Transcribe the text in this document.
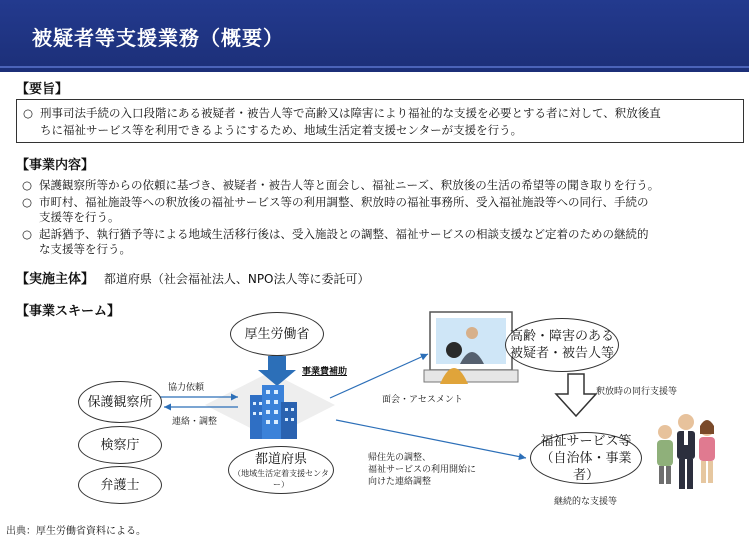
被疑者等支援業務（概要）
【要旨】
○ 刑事司法手続の入口段階にある被疑者・被告人等で高齢又は障害により福祉的な支援を必要とする者に対して、釈放後直
ちに福祉サービス等を利用できるようにするため、地域生活定着支援センターが支援を行う。
【事業内容】
○ 保護観察所等からの依頼に基づき、被疑者・被告人等と面会し、福祉ニーズ、釈放後の生活の希望等の聞き取りを行う。
○ 市町村、福祉施設等への釈放後の福祉サービス等の利用調整、釈放時の福祉事務所、受入福祉施設等への同行、手続の
支援等を行う。
○ 起訴猶予、執行猶予等による地域生活移行後は、受入施設との調整、福祉サービスの相談支援など定着のための継続的
な支援等を行う。
【実施主体】 都道府県（社会福祉法人、NPO法人等に委託可）
【事業スキーム】
厚生労働省
事業費補助
保護観察所
検察庁
弁護士
協力依頼
連絡・調整
都道府県
（地域生活定着支援センター）
面会・アセスメント
高齢・障害のある
被疑者・被告人等
釈放時の同行支援等
帰住先の調整、
福祉サービスの利用開始に
向けた連絡調整
福祉サービス等
（自治体・事業者）
継続的な支援等
出典：厚生労働省資料による。
